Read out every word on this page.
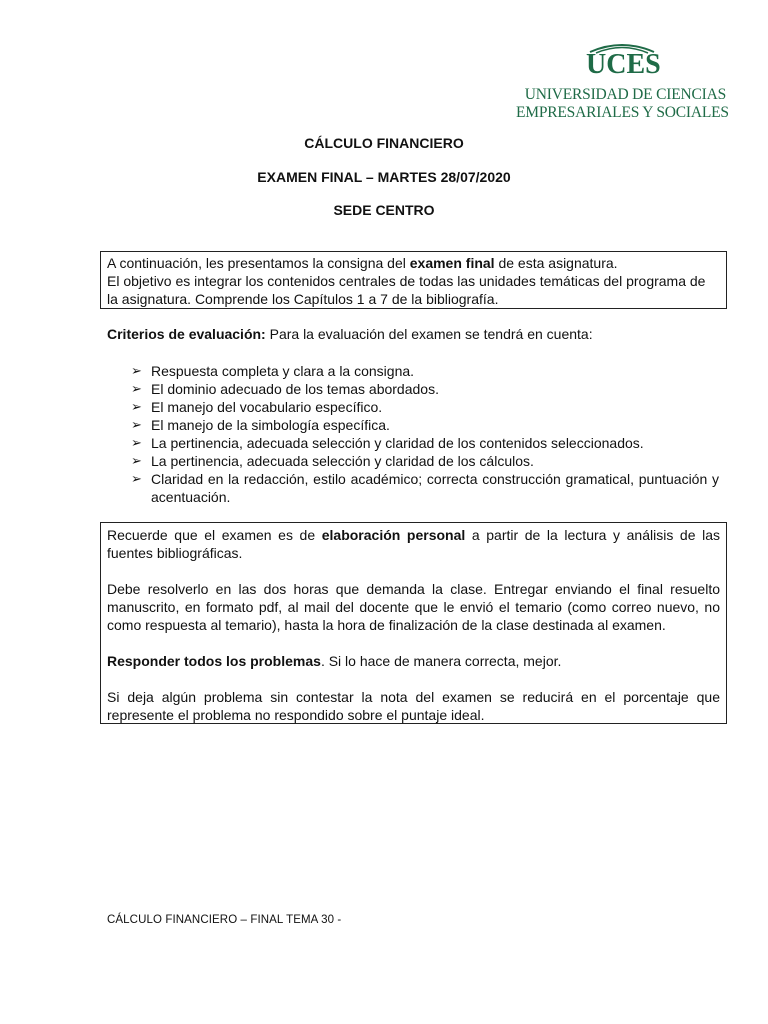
UCES
UNIVERSIDAD DE CIENCIAS
EMPRESARIALES Y SOCIALES
CÁLCULO FINANCIERO
EXAMEN FINAL – MARTES 28/07/2020
SEDE CENTRO

A continuación, les presentamos la consigna del examen final de esta asignatura.

El objetivo es integrar los contenidos centrales de todas las unidades temáticas del programa de la asignatura. Comprende los Capítulos 1 a 7 de la bibliografía.

Criterios de evaluación: Para la evaluación del examen se tendrá en cuenta:
➢ Respuesta completa y clara a la consigna.
➢ El dominio adecuado de los temas abordados.
➢ El manejo del vocabulario específico.
➢ El manejo de la simbología específica.
➢ La pertinencia, adecuada selección y claridad de los contenidos seleccionados.
➢ La pertinencia, adecuada selección y claridad de los cálculos.
➢ Claridad en la redacción, estilo académico; correcta construcción gramatical, puntuación y acentuación.

Recuerde que el examen es de elaboración personal a partir de la lectura y análisis de las fuentes bibliográficas.

Debe resolverlo en las dos horas que demanda la clase. Entregar enviando el final resuelto manuscrito, en formato pdf, al mail del docente que le envió el temario (como correo nuevo, no como respuesta al temario), hasta la hora de finalización de la clase destinada al examen.

Responder todos los problemas. Si lo hace de manera correcta, mejor.

Si deja algún problema sin contestar la nota del examen se reducirá en el porcentaje que represente el problema no respondido sobre el puntaje ideal.

CÁLCULO FINANCIERO – FINAL TEMA 30 -
